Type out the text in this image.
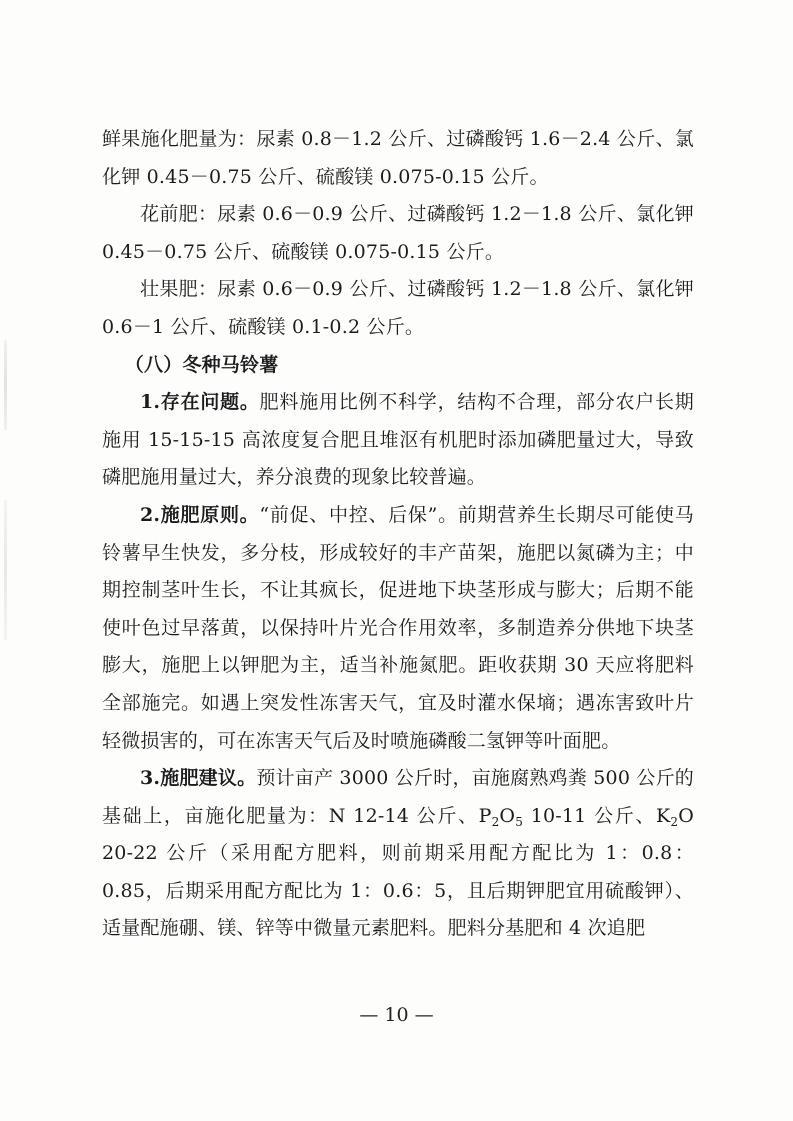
鲜果施化肥量为：尿素 0.8－1.2 公斤、过磷酸钙 1.6－2.4 公斤、氯化钾 0.45－0.75 公斤、硫酸镁 0.075-0.15 公斤。

花前肥：尿素 0.6－0.9 公斤、过磷酸钙 1.2－1.8 公斤、氯化钾 0.45－0.75 公斤、硫酸镁 0.075-0.15 公斤。

壮果肥：尿素 0.6－0.9 公斤、过磷酸钙 1.2－1.8 公斤、氯化钾 0.6－1 公斤、硫酸镁 0.1-0.2 公斤。

（八）冬种马铃薯

1.存在问题。肥料施用比例不科学，结构不合理，部分农户长期施用 15-15-15 高浓度复合肥且堆沤有机肥时添加磷肥量过大，导致磷肥施用量过大，养分浪费的现象比较普遍。

2.施肥原则。“前促、中控、后保”。前期营养生长期尽可能使马铃薯早生快发，多分枝，形成较好的丰产苗架，施肥以氮磷为主；中期控制茎叶生长，不让其疯长，促进地下块茎形成与膨大；后期不能使叶色过早落黄，以保持叶片光合作用效率，多制造养分供地下块茎膨大，施肥上以钾肥为主，适当补施氮肥。距收获期 30 天应将肥料全部施完。如遇上突发性冻害天气，宜及时灌水保墒；遇冻害致叶片轻微损害的，可在冻害天气后及时喷施磷酸二氢钾等叶面肥。

3.施肥建议。预计亩产 3000 公斤时，亩施腐熟鸡粪 500 公斤的基础上，亩施化肥量为：N 12-14 公斤、$P_2O_5$ 10-11 公斤、$K_2O$ 20-22 公斤（采用配方肥料，则前期采用配方配比为 1：0.8：0.85，后期采用配方配比为 1：0.6：5，且后期钾肥宜用硫酸钾）、适量配施硼、镁、锌等中微量元素肥料。肥料分基肥和 4 次追肥

— 10 —
